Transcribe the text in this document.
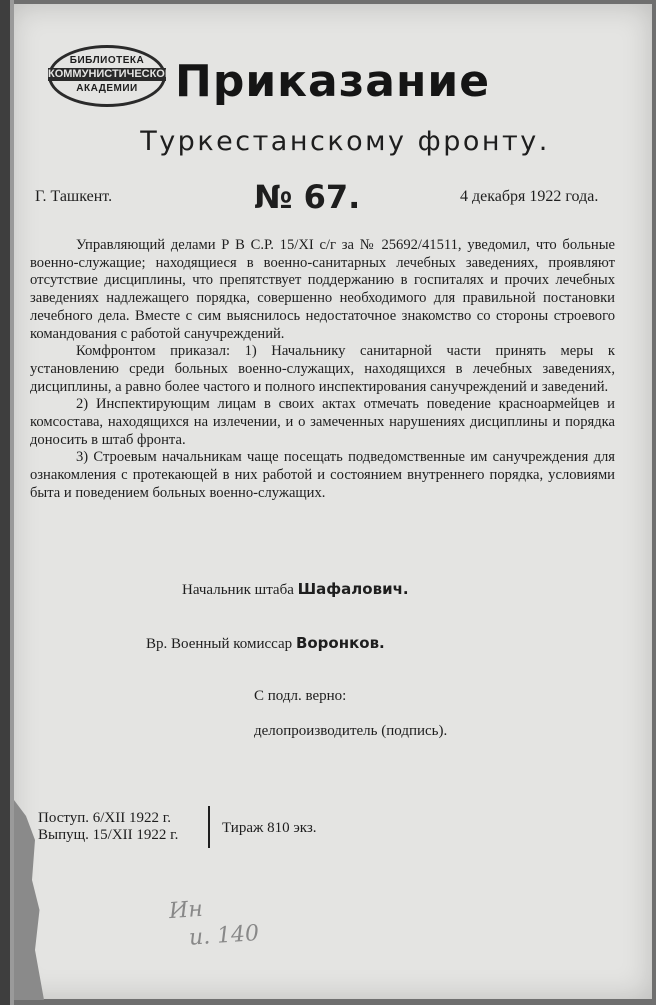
БИБЛИОТЕКА
КОММУНИСТИЧЕСКОЙ
АКАДЕМИИ Приказание
Туркестанскому фронту.
Г. Ташкент.	№ 67.	4 декабря 1922 года.

Управляющий делами Р В С.Р. 15/XI с/г за № 25692/41511, уведомил, что больные военно-служащие; находящиеся в военно-санитарных лечебных заведениях, проявляют отсутствие дисциплины, что препятствует поддержанию в госпиталях и прочих лечебных заведениях надлежащего порядка, совершенно необходимого для правильной постановки лечебного дела. Вместе с сим выяснилось недостаточное знакомство со стороны строевого командования с работой санучреждений.

Комфронтом приказал: 1) Начальнику санитарной части принять меры к установлению среди больных военно-служащих, находящихся в лечебных заведениях, дисциплины, а равно более частого и полного инспектирования санучреждений и заведений.

2) Инспектирующим лицам в своих актах отмечать поведение красноармейцев и комсостава, находящихся на излечении, и о замеченных нарушениях дисциплины и порядка доносить в штаб фронта.

3) Строевым начальникам чаще посещать подведомственные им санучреждения для ознакомления с протекающей в них работой и состоянием внутреннего порядка, условиями быта и поведением больных военно-служащих.

Начальник штаба Шафалович.
Вр. Военный комиссар Воронков.
С подл. верно:
делопроизводитель (подпись).
Поступ. 6/XII 1922 г.
Выпущ. 15/XII 1922 г.	Тираж 810 экз.
Ин
и. 140
